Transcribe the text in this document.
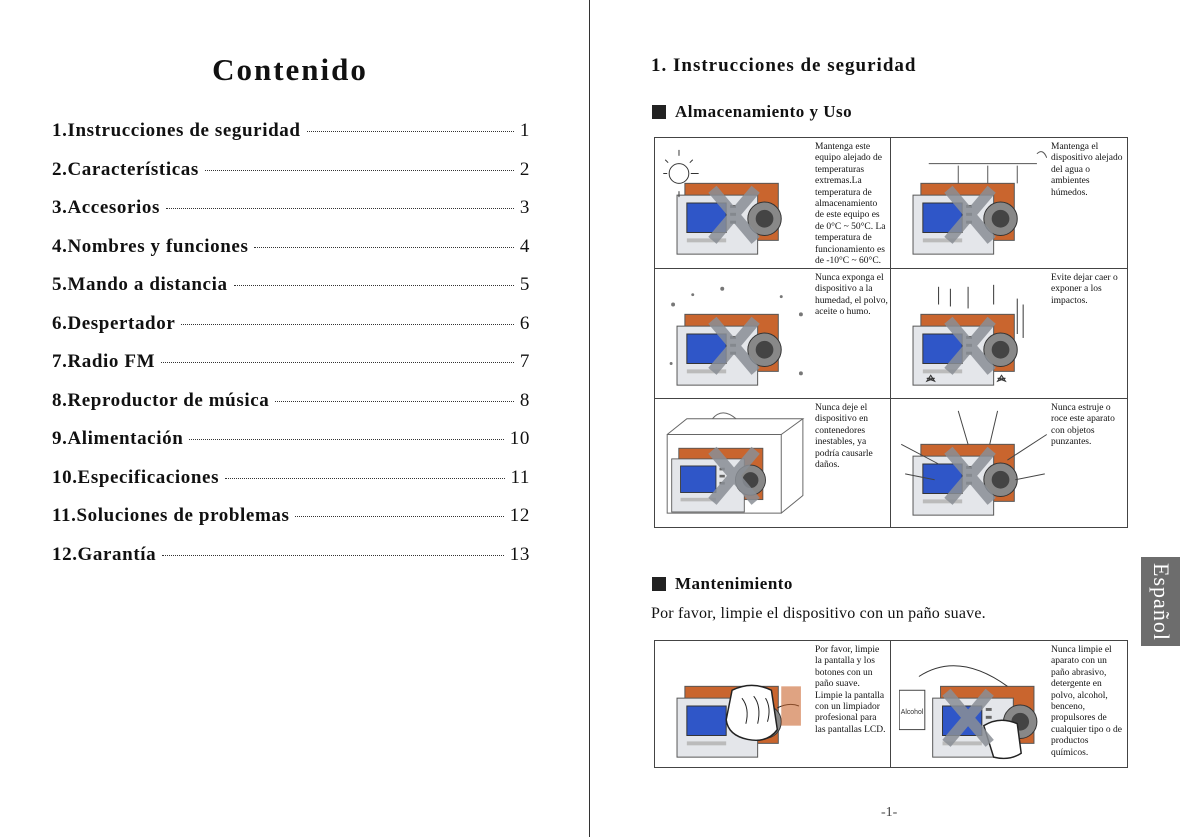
Contenido
1.Instrucciones de seguridad	1
2.Características	2
3.Accesorios	3
4.Nombres y funciones	4
5.Mando a distancia	5
6.Despertador	6
7.Radio FM	7
8.Reproductor de música	8
9.Alimentación	10
10.Especificaciones	11
11.Soluciones de problemas	12
12.Garantía	13
1. Instrucciones de seguridad
Almacenamiento y Uso
Mantenga este equipo alejado de temperaturas extremas.La temperatura de almacenamiento de este equipo es de 0°C ~ 50°C. La temperatura de funcionamiento es de -10°C ~ 60°C.
Mantenga el dispositivo alejado del agua o ambientes húmedos.
Nunca exponga el dispositivo a la humedad, el polvo, aceite o humo.
Evite dejar caer o exponer a los impactos.
Nunca deje el dispositivo en contenedores inestables, ya podría causarle daños.
Nunca estruje o roce este aparato con objetos punzantes.
Mantenimiento
Por favor, limpie el dispositivo con un paño suave.
Por favor, limpie la pantalla y los botones con un paño suave. Limpie la pantalla con un limpiador profesional para las pantallas LCD.
Alcohol
Nunca limpie el aparato con un paño abrasivo, detergente en polvo, alcohol, benceno, propulsores de cualquier tipo o de productos químicos.
Español
-1-
